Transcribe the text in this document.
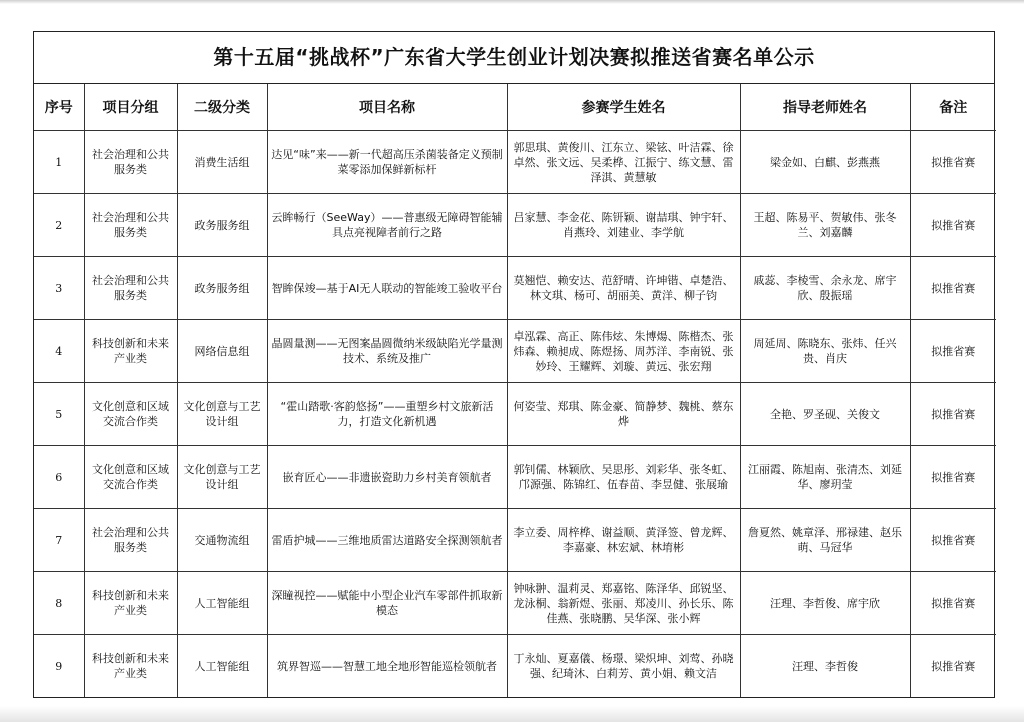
第十五届“挑战杯”广东省大学生创业计划决赛拟推送省赛名单公示
序号	项目分组	二级分类	项目名称	参赛学生姓名	指导老师姓名	备注
1	社会治理和公共服务类	消费生活组	达见“味”来——新一代超高压杀菌装备定义预制菜零添加保鲜新标杆	郭思琪、黄俊川、江东立、梁铉、叶洁霖、徐卓然、张文远、吴柔桦、江振宁、练文慧、雷泽淇、黄慧敏	梁金如、白麒、彭燕燕	拟推省赛
2	社会治理和公共服务类	政务服务组	云眸畅行（SeeWay）——普惠级无障碍智能辅具点亮视障者前行之路	吕家慧、李金花、陈钘颖、谢喆琪、钟宇轩、肖燕玲、刘建业、李学航	王超、陈易平、贺敏伟、张冬兰、刘嘉麟	拟推省赛
3	社会治理和公共服务类	政务服务组	智眸保竣—基于AI无人联动的智能竣工验收平台	莫翘恺、赖安达、范舒晴、许坤锴、卓楚浩、林文琪、杨可、胡丽美、黄洋、柳子钧	戚蕊、李棱雪、余永龙、席宇欣、殷振瑶	拟推省赛
4	科技创新和未来产业类	网络信息组	晶圆量测——无图案晶圆微纳米级缺陷光学量测技术、系统及推广	卓泓霖、高正、陈伟炫、朱博煬、陈楷杰、张炜森、赖昶成、陈煜扬、周苏洋、李南锐、张妙玲、王耀辉、刘璇、黄远、张宏翔	周延周、陈晓东、张炜、任兴贵、肖庆	拟推省赛
5	文化创意和区域交流合作类	文化创意与工艺设计组	“霍山踏歌·客韵悠扬”——重塑乡村文旅新活力，打造文化新机遇	何姿莹、郑琪、陈金豪、简静梦、魏桃、蔡东烨	全艳、罗圣砚、关俊文	拟推省赛
6	文化创意和区域交流合作类	文化创意与工艺设计组	嵌育匠心——非遗嵌瓷助力乡村美育领航者	郭钊儒、林颖欣、吴思彤、刘彩华、张冬虹、邝源强、陈锦红、伍春苗、李昱健、张展瑜	江丽霞、陈旭南、张清杰、刘延华、廖玥莹	拟推省赛
7	社会治理和公共服务类	交通物流组	雷盾护城——三维地质雷达道路安全探测领航者	李立委、周梓桦、谢益顺、黄泽签、曾龙辉、李嘉豪、林宏斌、林堉彬	詹夏然、姚章泽、邢禄建、赵乐萌、马冠华	拟推省赛
8	科技创新和未来产业类	人工智能组	深瞳视控——赋能中小型企业汽车零部件抓取新模态	钟咏翀、温莉灵、郑嘉铭、陈泽华、邱锐坚、龙泳桐、翁新煜、张丽、郑凌川、孙长乐、陈佳燕、张晓鹏、吴华深、张小辉	汪理、李哲俊、席宇欣	拟推省赛
9	科技创新和未来产业类	人工智能组	筑界智巡——智慧工地全地形智能巡检领航者	丁永灿、夏嘉儀、杨璟、梁炽坤、刘莺、孙晓强、纪琦沐、白莉芳、黄小娟、赖文洁	汪理、李哲俊	拟推省赛
